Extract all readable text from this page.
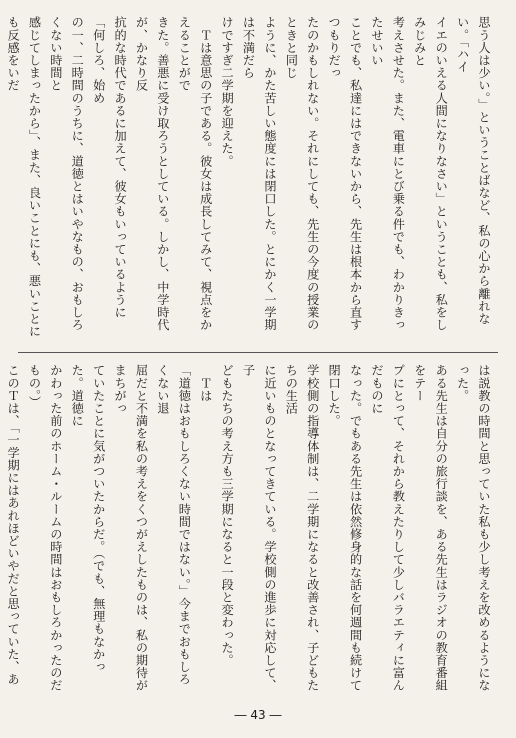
思う人は少い。」ということばなど、私の心から離れない。「ハイ

イエのいえる人間になりなさい」ということも、私をしみじみと

考えさせた。また、電車にとび乗る件でも、わかりきったせいい

ことでも、私達にはできないから、先生は根本から直すつもりだっ

たのかもしれない。それにしても、先生の今度の授業のときと同じ

ように、かた苦しい態度には閉口した。とにかく一学期は不満だら

けですぎ二学期を迎えた。

　Ｔは意思の子である。彼女は成長してみて、視点をかえることがで

きた。善悪に受け取ろうとしている。しかし、中学時代が、かなり反

抗的な時代であるに加えて、彼女もいっているように「何しろ、始め

の一、二時間のうちに、道徳とはいやなもの、おもしろくない時間と

感じてしまったから」、また、良いことにも、悪いことにも反感をいだ

は説教の時間と思っていた私も少し考えを改めるようになった。

ある先生は自分の旅行談を、ある先生はラジオの教育番組をテー

プにとって、それから教えたりして少しバラエティに富んだものに

なった。でもある先生は依然修身的な話を何週間も続けて閉口した。

学校側の指導体制は、二学期になると改善され、子どもたちの生活

に近いものとなってきている。学校側の進歩に対応して、子

どもたちの考え方も三学期になると一段と変わった。

　Ｔは

「道徳はおもしろくない時間ではない。」今までおもしろくない退

屈だと不満を私の考えをくつがえしたものは、私の期待がまちがっ

ていたことに気がついたからだ。（でも、無理もなかった。道徳に

かわった前のホーム・ルームの時間はおもしろかったのだもの。）

このＴは、「一学期にはあれほどいやだと思っていた、あ

― 43 ―
